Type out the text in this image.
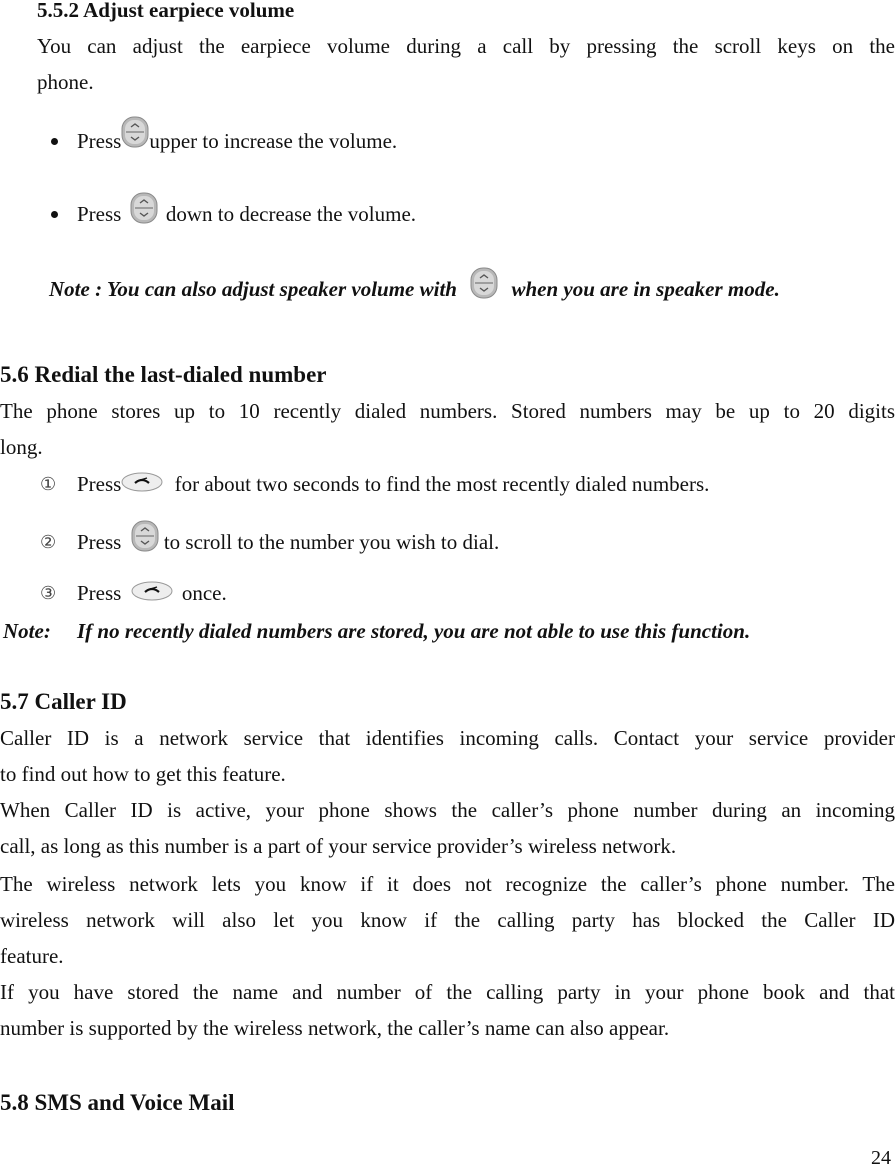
5.5.2 Adjust earpiece volume
You can adjust the earpiece volume during a call by pressing the scroll keys on the
phone.
Press upper to increase the volume.
Press down to decrease the volume.
Note : You can also adjust speaker volume with	when you are in speaker mode.
5.6 Redial the last-dialed number
The phone stores up to 10 recently dialed numbers. Stored numbers may be up to 20 digits
long.
① Press	for about two seconds to find the most recently dialed numbers.
② Press to scroll to the number you wish to dial.
③ Press	once.
Note: If no recently dialed numbers are stored, you are not able to use this function.
5.7 Caller ID
Caller ID is a network service that identifies incoming calls. Contact your service provider
to find out how to get this feature.
When Caller ID is active, your phone shows the caller’s phone number during an incoming
call, as long as this number is a part of your service provider’s wireless network.
The wireless network lets you know if it does not recognize the caller’s phone number. The
wireless network will also let you know if the calling party has blocked the Caller ID
feature.
If you have stored the name and number of the calling party in your phone book and that
number is supported by the wireless network, the caller’s name can also appear.
5.8 SMS and Voice Mail
24
